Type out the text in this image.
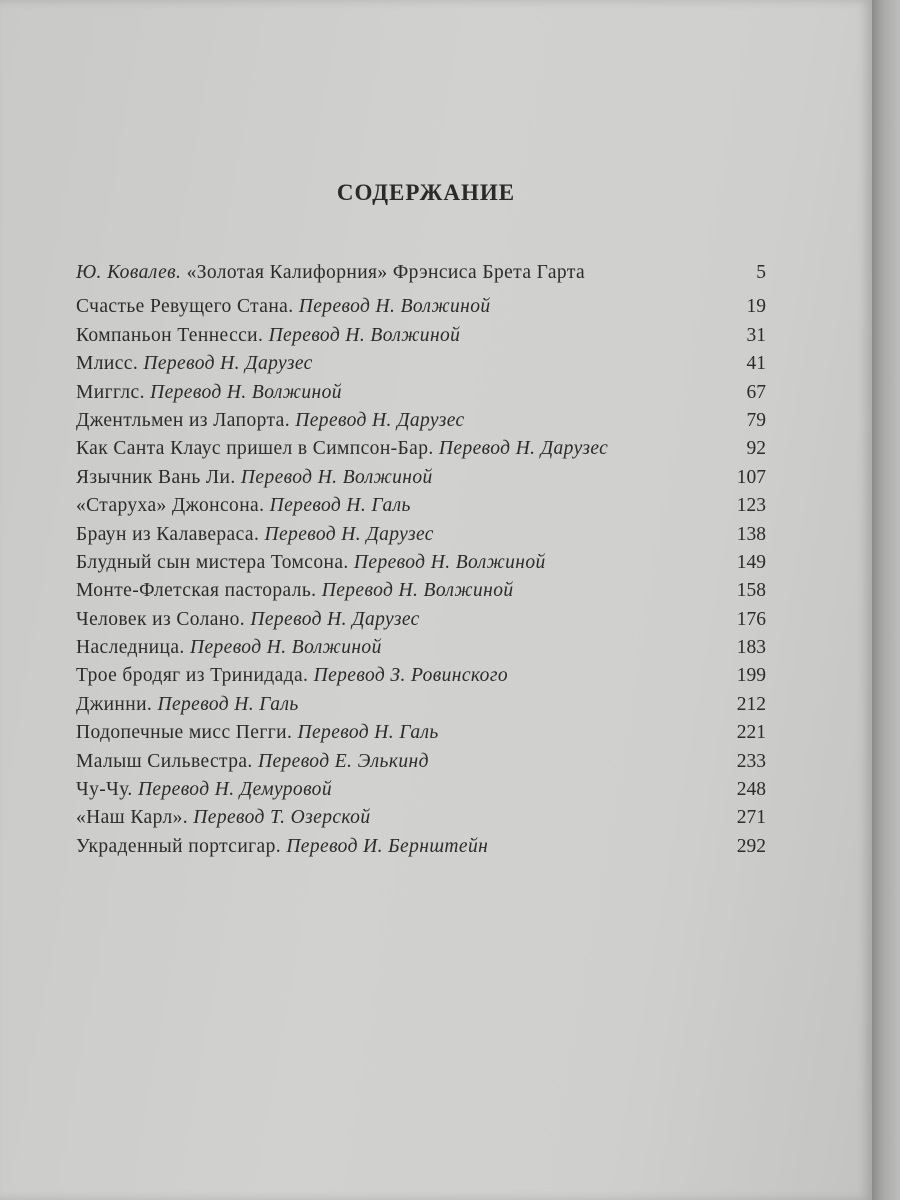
СОДЕРЖАНИЕ
Ю. Ковалев. «Золотая Калифорния» Фрэнсиса Брета Гарта	5
Счастье Ревущего Стана. Перевод Н. Волжиной	19
Компаньон Теннесси. Перевод Н. Волжиной	31
Млисс. Перевод Н. Дарузес	41
Мигглс. Перевод Н. Волжиной	67
Джентльмен из Лапорта. Перевод Н. Дарузес	79
Как Санта Клаус пришел в Симпсон-Бар. Перевод Н. Дарузес	92
Язычник Вань Ли. Перевод Н. Волжиной	107
«Старуха» Джонсона. Перевод Н. Галь	123
Браун из Калавераса. Перевод Н. Дарузес	138
Блудный сын мистера Томсона. Перевод Н. Волжиной	149
Монте-Флетская пастораль. Перевод Н. Волжиной	158
Человек из Солано. Перевод Н. Дарузес	176
Наследница. Перевод Н. Волжиной	183
Трое бродяг из Тринидада. Перевод З. Ровинского	199
Джинни. Перевод Н. Галь	212
Подопечные мисс Пегги. Перевод Н. Галь	221
Малыш Сильвестра. Перевод Е. Элькинд	233
Чу-Чу. Перевод Н. Демуровой	248
«Наш Карл». Перевод Т. Озерской	271
Украденный портсигар. Перевод И. Бернштейн	292
